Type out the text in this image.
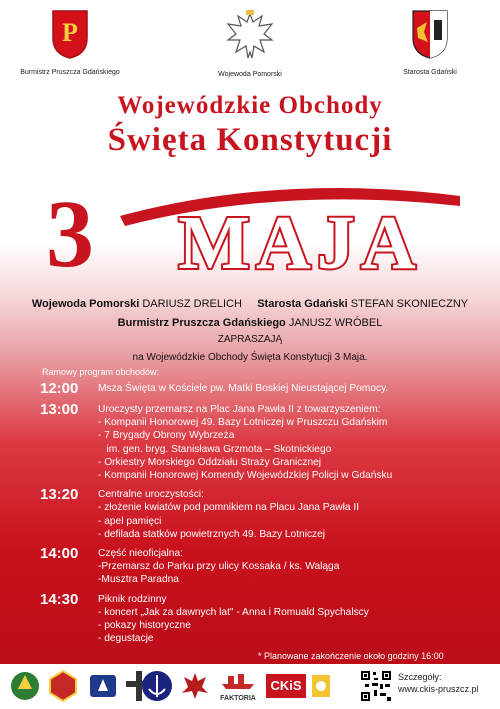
P
Burmistrz Pruszcza Gdańskiego	Wojewoda Pomorski	Starosta Gdański
Wojewódzkie Obchody
Święta Konstytucji
3 MAJA
Wojewoda Pomorski DARIUSZ DRELICH Starosta Gdański STEFAN SKONIECZNY
Burmistrz Pruszcza Gdańskiego JANUSZ WRÓBEL
ZAPRASZAJĄ
na Wojewódzkie Obchody Święta Konstytucji 3 Maja.
Ramowy program obchodów:
12:00	Msza Święta w Kościele pw. Matki Boskiej Nieustającej Pomocy.
13:00	Uroczysty przemarsz na Plac Jana Pawła II z towarzyszeniem:
- Kompanii Honorowej 49. Bazy Lotniczej w Pruszczu Gdańskim
- 7 Brygady Obrony Wybrzeża
im. gen. bryg. Stanisława Grzmota – Skotnickiego
- Orkiestry Morskiego Oddziału Straży Granicznej
- Kompanii Honorowej Komendy Wojewódzkiej Policji w Gdańsku
13:20	Centralne uroczystości:
- złożenie kwiatów pod pomnikiem na Placu Jana Pawła II
- apel pamięci
- defilada statków powietrznych 49. Bazy Lotniczej
14:00	Część nieoficjalna:
-Przemarsz do Parku przy ulicy Kossaka / ks. Waląga
-Musztra Paradna
14:30	Piknik rodzinny
- koncert „Jak za dawnych lat" - Anna i Romuald Spychalscy
- pokazy historyczne
- degustacje
* Planowane zakończenie około godziny 16:00
FAKTORIA
CKiS
Szczegóły:
www.ckis-pruszcz.pl
